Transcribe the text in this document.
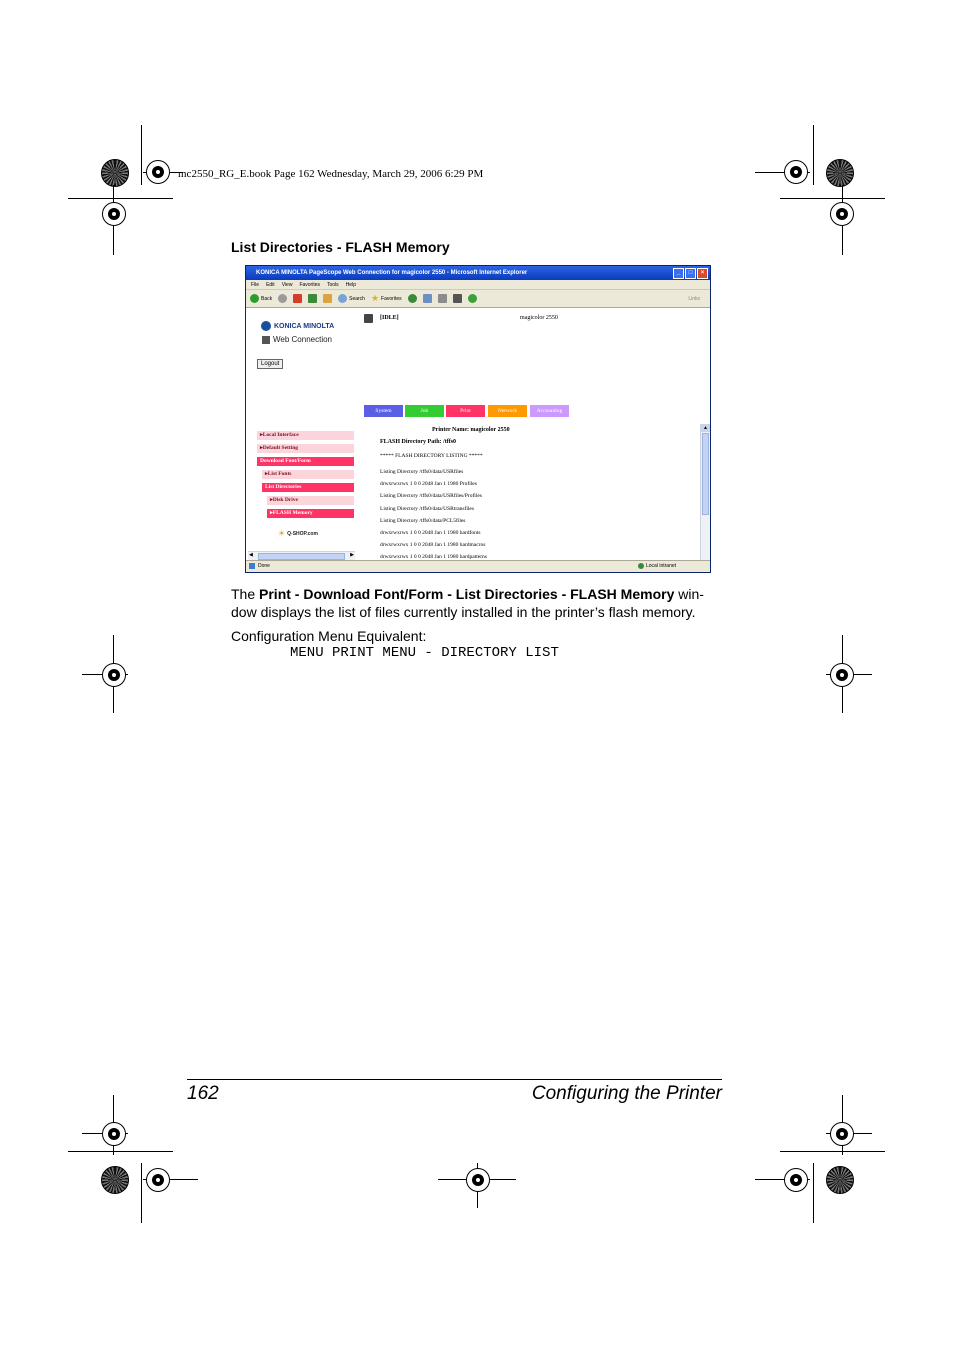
mc2550_RG_E.book Page 162 Wednesday, March 29, 2006 6:29 PM
List Directories - FLASH Memory
KONICA MINOLTA PageScope Web Connection for magicolor 2550 - Microsoft Internet Explorer	_	□	×
File Edit View Favorites Tools Help
Back	Search ★ Favorites	Links
KONICA MINOLTA
Web Connection
Logout
[IDLE]	magicolor 2550
System	Job	Print	Network	Accounting
▸Local Interface
▸Default Setting
Download Font/Form
▸List Fonts
List Directories
▸Disk Drive
▸FLASH Memory
☀ Q-SHOP.com
Printer Name: magicolor 2550
FLASH Directory Path: /tffs0
***** FLASH DIRECTORY LISTING *****
Listing Directory /tffs0/data/USRfiles
drwxrwxrwx 1 0 0 2048 Jan 1 1980 Profiles
Listing Directory /tffs0/data/USRfiles/Profiles
Listing Directory /tffs0/data/USRtransfiles
Listing Directory /tffs0/data/PCL5files
drwxrwxrwx 1 0 0 2048 Jan 1 1980 hardfonts
drwxrwxrwx 1 0 0 2048 Jan 1 1980 hardmacros
drwxrwxrwx 1 0 0 2048 Jan 1 1980 hardpatterns
▲
◀	▶
Done	Local intranet
The Print - Download Font/Form - List Directories - FLASH Memory win-
dow displays the list of files currently installed in the printer’s flash memory.
Configuration Menu Equivalent:
MENU PRINT MENU - DIRECTORY LIST
162	Configuring the Printer
